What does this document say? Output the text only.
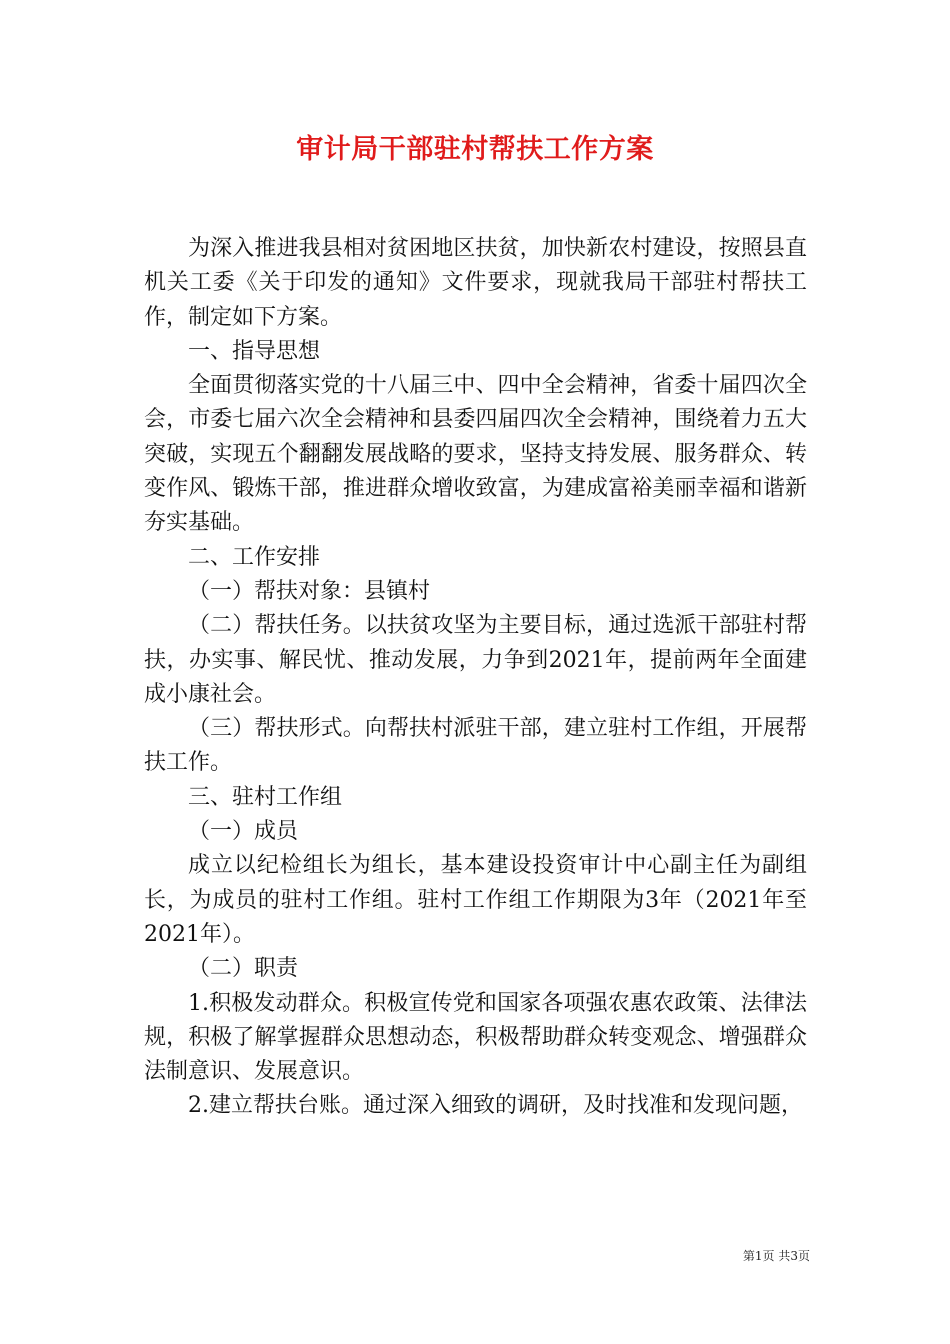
审计局干部驻村帮扶工作方案

为深入推进我县相对贫困地区扶贫，加快新农村建设，按照县直机关工委《关于印发的通知》文件要求，现就我局干部驻村帮扶工作，制定如下方案。

一、指导思想

全面贯彻落实党的十八届三中、四中全会精神，省委十届四次全会，市委七届六次全会精神和县委四届四次全会精神，围绕着力五大突破，实现五个翻翻发展战略的要求，坚持支持发展、服务群众、转变作风、锻炼干部，推进群众增收致富，为建成富裕美丽幸福和谐新夯实基础。

二、工作安排

（一）帮扶对象：县镇村

（二）帮扶任务。以扶贫攻坚为主要目标，通过选派干部驻村帮扶，办实事、解民忧、推动发展，力争到2021年，提前两年全面建成小康社会。

（三）帮扶形式。向帮扶村派驻干部，建立驻村工作组，开展帮扶工作。

三、驻村工作组

（一）成员

成立以纪检组长为组长，基本建设投资审计中心副主任为副组长，为成员的驻村工作组。驻村工作组工作期限为3年（2021年至2021年）。

（二）职责

1.积极发动群众。积极宣传党和国家各项强农惠农政策、法律法规，积极了解掌握群众思想动态，积极帮助群众转变观念、增强群众法制意识、发展意识。

2.建立帮扶台账。通过深入细致的调研，及时找准和发现问题，

第1页 共3页
